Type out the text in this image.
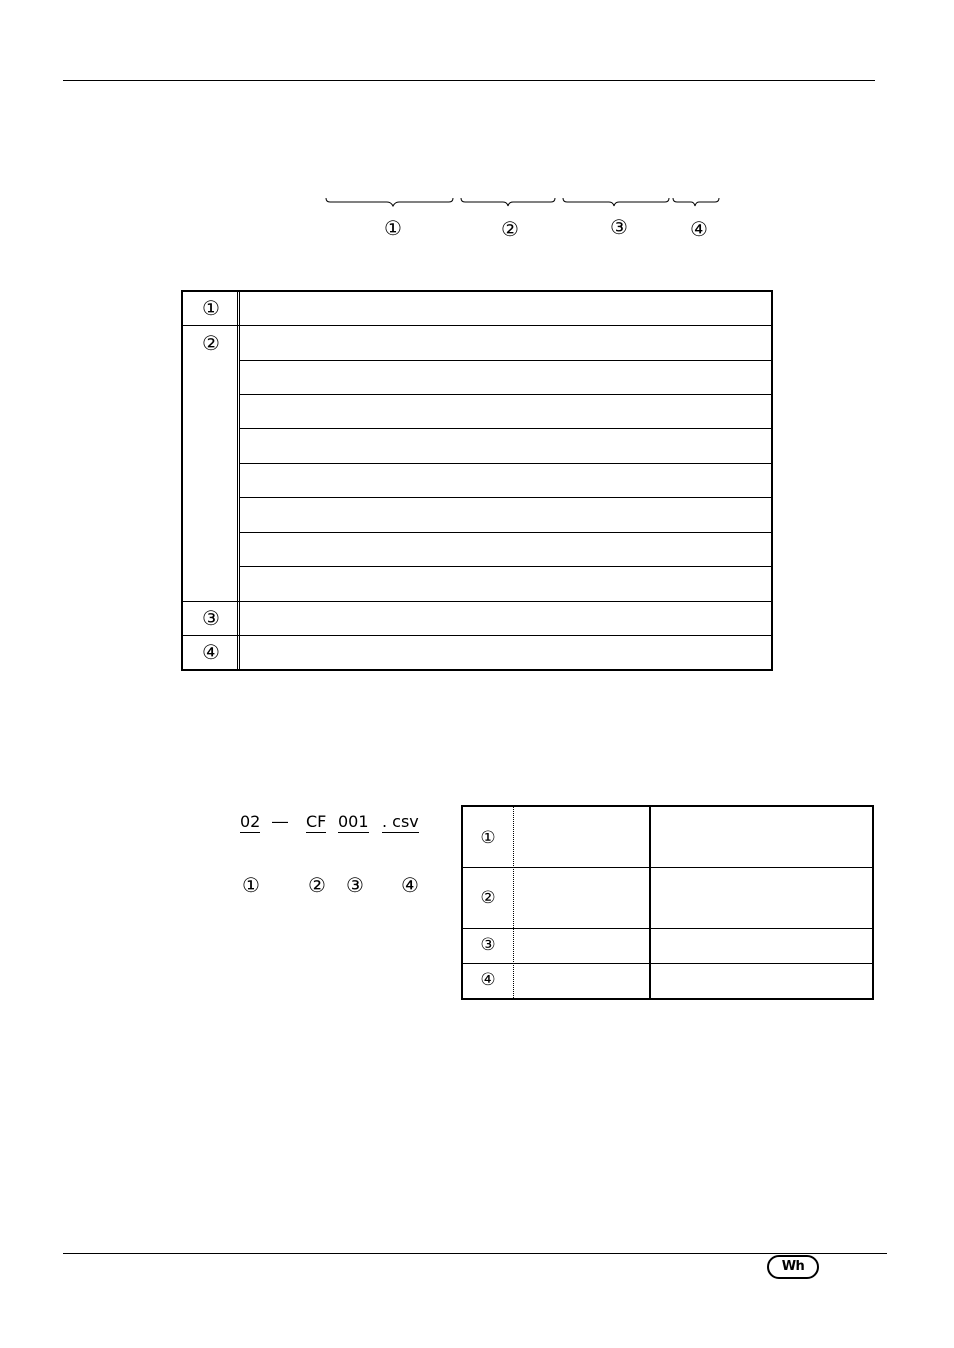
①	②	③	④
①
②
③
④
02 ― CF 001 . csv
① ② ③ ④
①
②
③
④
Wh
